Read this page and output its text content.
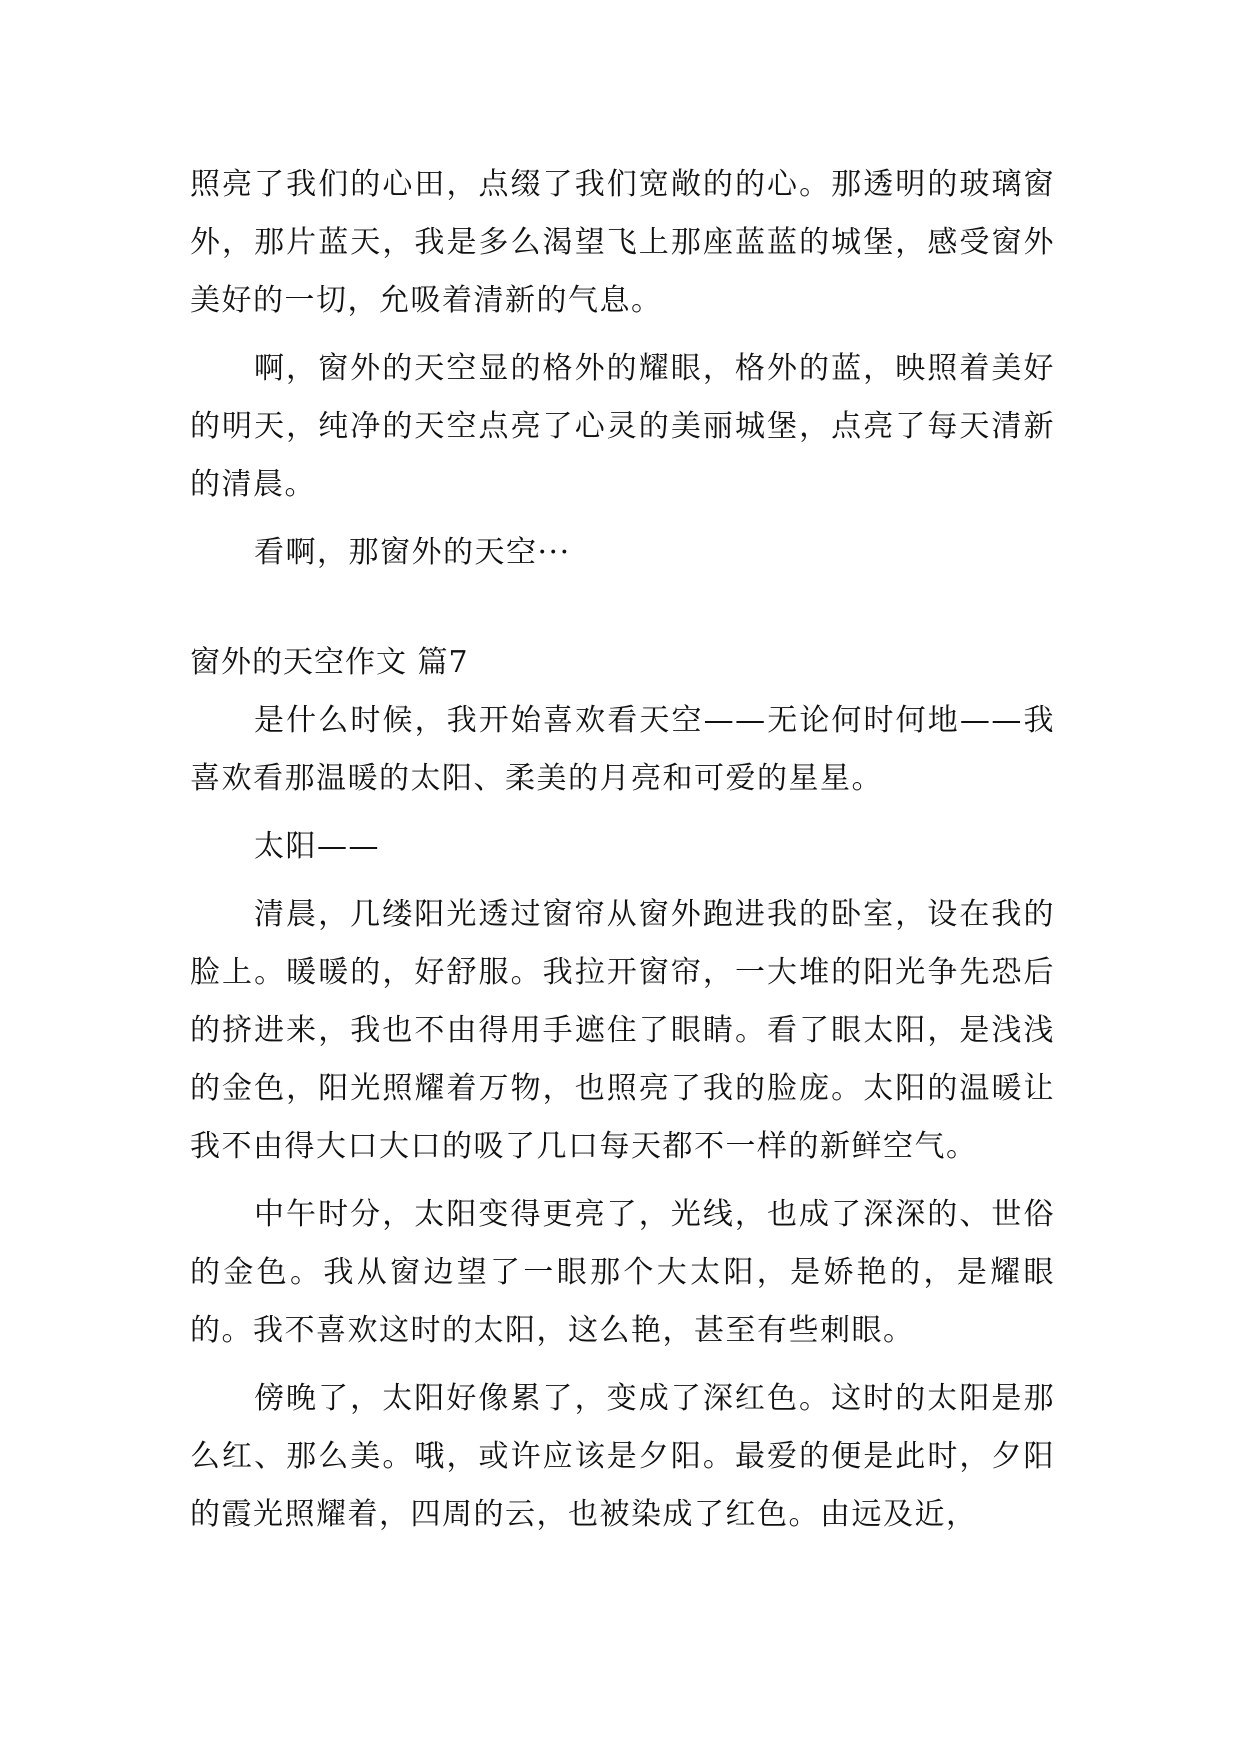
照亮了我们的心田，点缀了我们宽敞的的心。那透明的玻璃窗外，那片蓝天，我是多么渴望飞上那座蓝蓝的城堡，感受窗外美好的一切，允吸着清新的气息。

啊，窗外的天空显的格外的耀眼，格外的蓝，映照着美好的明天，纯净的天空点亮了心灵的美丽城堡，点亮了每天清新的清晨。

看啊，那窗外的天空···

窗外的天空作文 篇7

是什么时候，我开始喜欢看天空——无论何时何地——我喜欢看那温暖的太阳、柔美的月亮和可爱的星星。

太阳——

清晨，几缕阳光透过窗帘从窗外跑进我的卧室，设在我的脸上。暖暖的，好舒服。我拉开窗帘，一大堆的阳光争先恐后的挤进来，我也不由得用手遮住了眼睛。看了眼太阳，是浅浅的金色，阳光照耀着万物，也照亮了我的脸庞。太阳的温暖让我不由得大口大口的吸了几口每天都不一样的新鲜空气。

中午时分，太阳变得更亮了，光线，也成了深深的、世俗的金色。我从窗边望了一眼那个大太阳，是娇艳的，是耀眼的。我不喜欢这时的太阳，这么艳，甚至有些刺眼。

傍晚了，太阳好像累了，变成了深红色。这时的太阳是那么红、那么美。哦，或许应该是夕阳。最爱的便是此时，夕阳的霞光照耀着，四周的云，也被染成了红色。由远及近，
